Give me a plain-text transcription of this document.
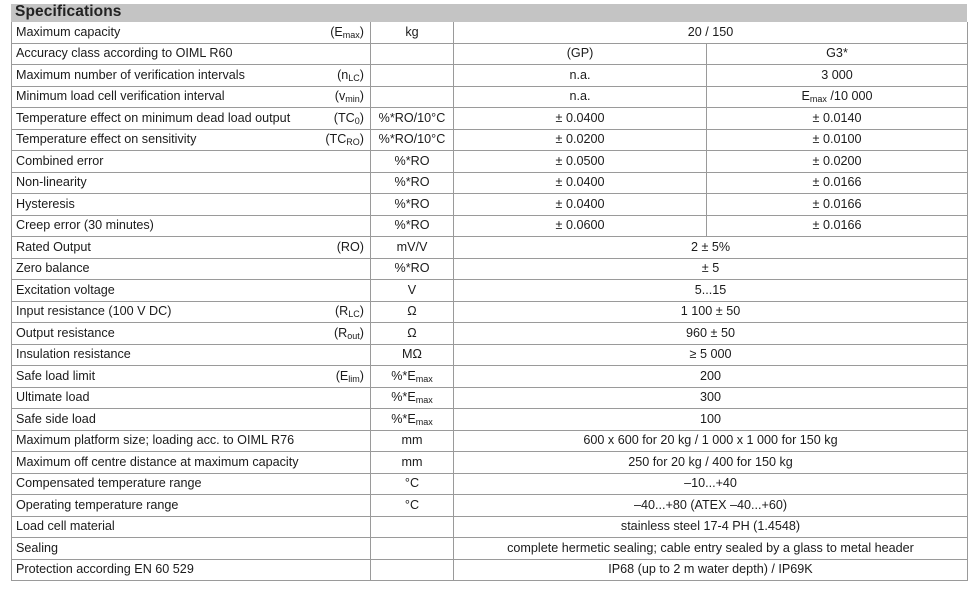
Specifications
Maximum capacity	$(E_{max})$	kg	20 / 150	
Accuracy class according to OIML R60			(GP)	G3*
Maximum number of verification intervals	$(n_{LC})$		n.a.	3 000
Minimum load cell verification interval	$(v_{min})$		n.a.	$E_{max}$ /10 000
Temperature effect on minimum dead load output	$(TC_0)$	%*RO/10°C	± 0.0400	± 0.0140
Temperature effect on sensitivity	$(TC_{RO})$	%*RO/10°C	± 0.0200	± 0.0100
Combined error		%*RO	± 0.0500	± 0.0200
Non-linearity		%*RO	± 0.0400	± 0.0166
Hysteresis		%*RO	± 0.0400	± 0.0166
Creep error (30 minutes)		%*RO	± 0.0600	± 0.0166
Rated Output	(RO)	mV/V	2 ± 5%	
Zero balance		%*RO	± 5	
Excitation voltage		V	5...15	
Input resistance (100 V DC)	$(R_{LC})$	Ω	1 100 ± 50	
Output resistance	$(R_{out})$	Ω	960 ± 50	
Insulation resistance		MΩ	≥ 5 000	
Safe load limit	$(E_{lim})$	$\%*E_{max}$	200	
Ultimate load		$\%*E_{max}$	300	
Safe side load		$\%*E_{max}$	100	
Maximum platform size; loading acc. to OIML R76		mm	600 x 600 for 20 kg / 1 000 x 1 000 for 150 kg	
Maximum off centre distance at maximum capacity		mm	250 for 20 kg / 400 for 150 kg	
Compensated temperature range		°C	–10...+40	
Operating temperature range		°C	–40...+80 (ATEX –40...+60)	
Load cell material			stainless steel 17-4 PH (1.4548)	
Sealing			complete hermetic sealing; cable entry sealed by a glass to metal header	
Protection according EN 60 529			IP68 (up to 2 m water depth) / IP69K	
